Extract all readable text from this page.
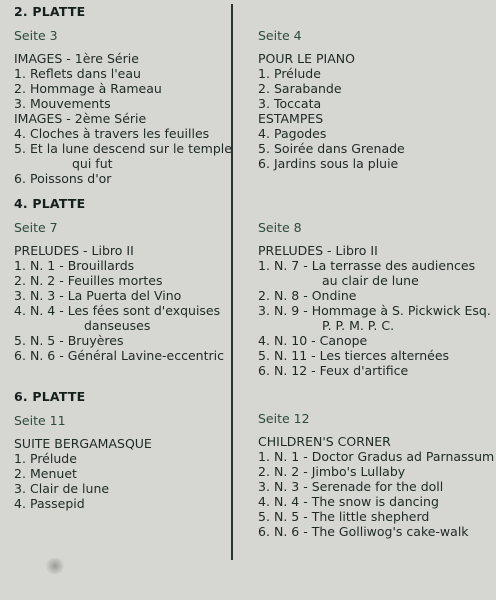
2. PLATTE
4. PLATTE
6. PLATTE
Seite 3
IMAGES - 1ère Série
1. Reflets dans l'eau
2. Hommage à Rameau
3. Mouvements
IMAGES - 2ème Série
4. Cloches à travers les feuilles
5. Et la lune descend sur le temple
qui fut
6. Poissons d'or
Seite 4
POUR LE PIANO
1. Prélude
2. Sarabande
3. Toccata
ESTAMPES
4. Pagodes
5. Soirée dans Grenade
6. Jardins sous la pluie
Seite 7
PRELUDES - Libro II
1. N. 1 - Brouillards
2. N. 2 - Feuilles mortes
3. N. 3 - La Puerta del Vino
4. N. 4 - Les fées sont d'exquises
danseuses
5. N. 5 - Bruyères
6. N. 6 - Général Lavine-eccentric
Seite 8
PRELUDES - Libro II
1. N. 7 - La terrasse des audiences
au clair de lune
2. N. 8 - Ondine
3. N. 9 - Hommage à S. Pickwick Esq.
P. P. M. P. C.
4. N. 10 - Canope
5. N. 11 - Les tierces alternées
6. N. 12 - Feux d'artifice
Seite 11
SUITE BERGAMASQUE
1. Prélude
2. Menuet
3. Clair de lune
4. Passepid
Seite 12
CHILDREN'S CORNER
1. N. 1 - Doctor Gradus ad Parnassum
2. N. 2 - Jimbo's Lullaby
3. N. 3 - Serenade for the doll
4. N. 4 - The snow is dancing
5. N. 5 - The little shepherd
6. N. 6 - The Golliwog's cake-walk
